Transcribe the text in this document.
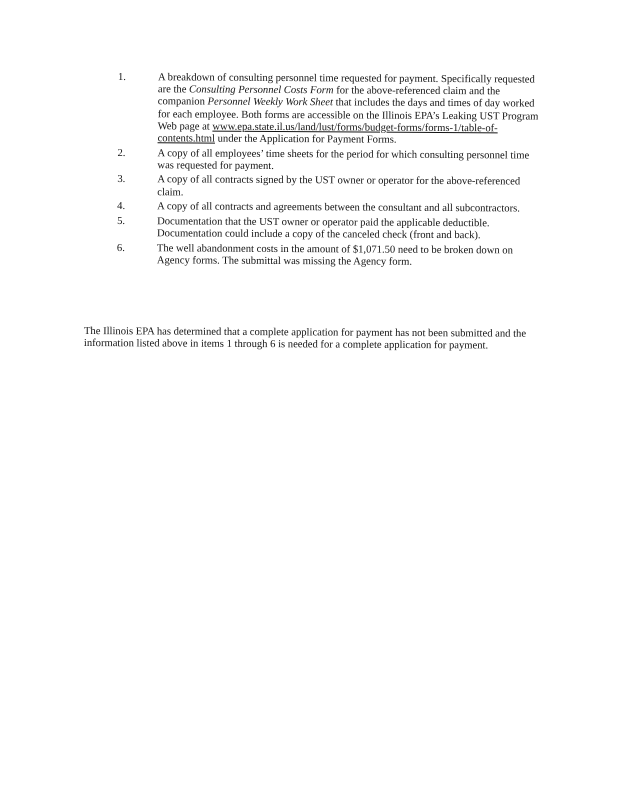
1.	A breakdown of consulting personnel time requested for payment. Specifically requested are the Consulting Personnel Costs Form for the above-referenced claim and the companion Personnel Weekly Work Sheet that includes the days and times of day worked for each employee. Both forms are accessible on the Illinois EPA’s Leaking UST Program Web page at www.epa.state.il.us/land/lust/forms/budget-forms/forms-1/table-of-contents.html under the Application for Payment Forms.
2.	A copy of all employees’ time sheets for the period for which consulting personnel time was requested for payment.
3.	A copy of all contracts signed by the UST owner or operator for the above-referenced claim.
4.	A copy of all contracts and agreements between the consultant and all subcontractors.
5.	Documentation that the UST owner or operator paid the applicable deductible. Documentation could include a copy of the canceled check (front and back).
6.	The well abandonment costs in the amount of $1,071.50 need to be broken down on Agency forms. The submittal was missing the Agency form.

The Illinois EPA has determined that a complete application for payment has not been submitted and the information listed above in items 1 through 6 is needed for a complete application for payment.
